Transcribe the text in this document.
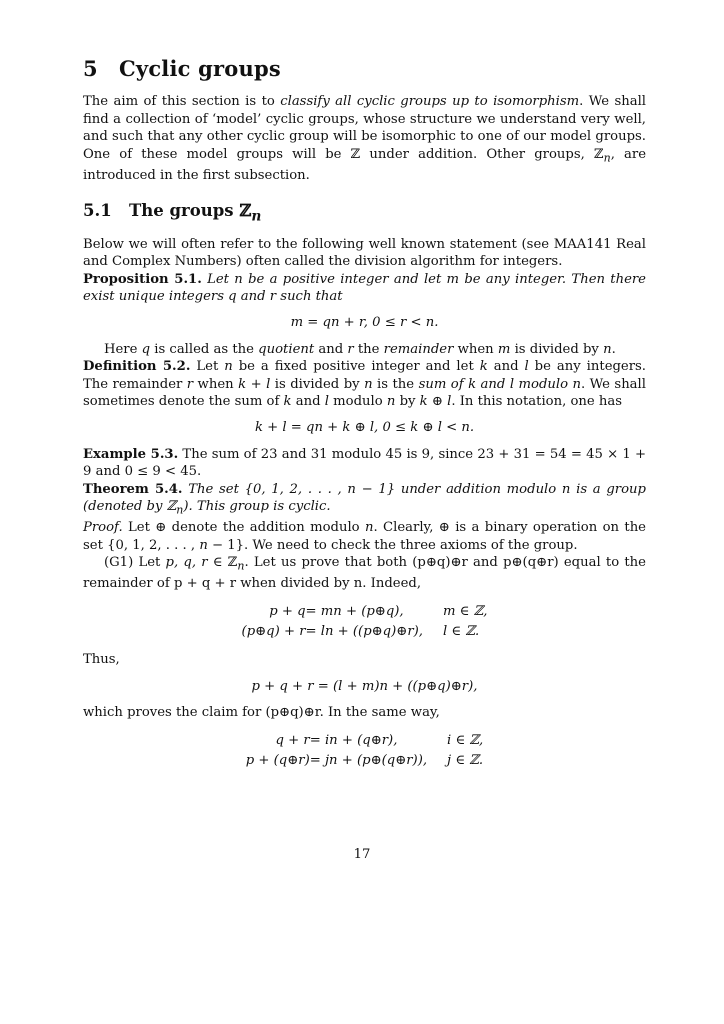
5 Cyclic groups

The aim of this section is to classify all cyclic groups up to isomorphism. We shall find a collection of ‘model’ cyclic groups, whose structure we understand very well, and such that any other cyclic group will be isomorphic to one of our model groups. One of these model groups will be ℤ under addition. Other groups, ℤ$_n$, are introduced in the first subsection.

5.1 The groups ℤ$_n$

Below we will often refer to the following well known statement (see MAA141 Real and Complex Numbers) often called the division algorithm for integers.

Proposition 5.1. Let n be a positive integer and let m be any integer. Then there exist unique integers q and r such that

m = qn + r, 0 ≤ r < n.

Here q is called as the quotient and r the remainder when m is divided by n.

Definition 5.2. Let n be a fixed positive integer and let k and l be any integers. The remainder r when k + l is divided by n is the sum of k and l modulo n. We shall sometimes denote the sum of k and l modulo n by k ⊕ l. In this notation, one has

k + l = qn + k ⊕ l, 0 ≤ k ⊕ l < n.

Example 5.3. The sum of 23 and 31 modulo 45 is 9, since 23 + 31 = 54 = 45 × 1 + 9 and 0 ≤ 9 < 45.

Theorem 5.4. The set {0, 1, 2, . . . , n − 1} under addition modulo n is a group (denoted by ℤ$_n$). This group is cyclic.

Proof. Let ⊕ denote the addition modulo n. Clearly, ⊕ is a binary operation on the set {0, 1, 2, . . . , n − 1}. We need to check the three axioms of the group.

(G1) Let p, q, r ∈ ℤ$_n$. Let us prove that both (p⊕q)⊕r and p⊕(q⊕r) equal to the remainder of p + q + r when divided by n. Indeed,

p + q	= mn + (p⊕q),	m ∈ ℤ,
(p⊕q) + r	= ln + ((p⊕q)⊕r),	l ∈ ℤ.

Thus,

p + q + r = (l + m)n + ((p⊕q)⊕r),

which proves the claim for (p⊕q)⊕r. In the same way,

q + r	= in + (q⊕r),	i ∈ ℤ,
p + (q⊕r)	= jn + (p⊕(q⊕r)),	j ∈ ℤ.
17
